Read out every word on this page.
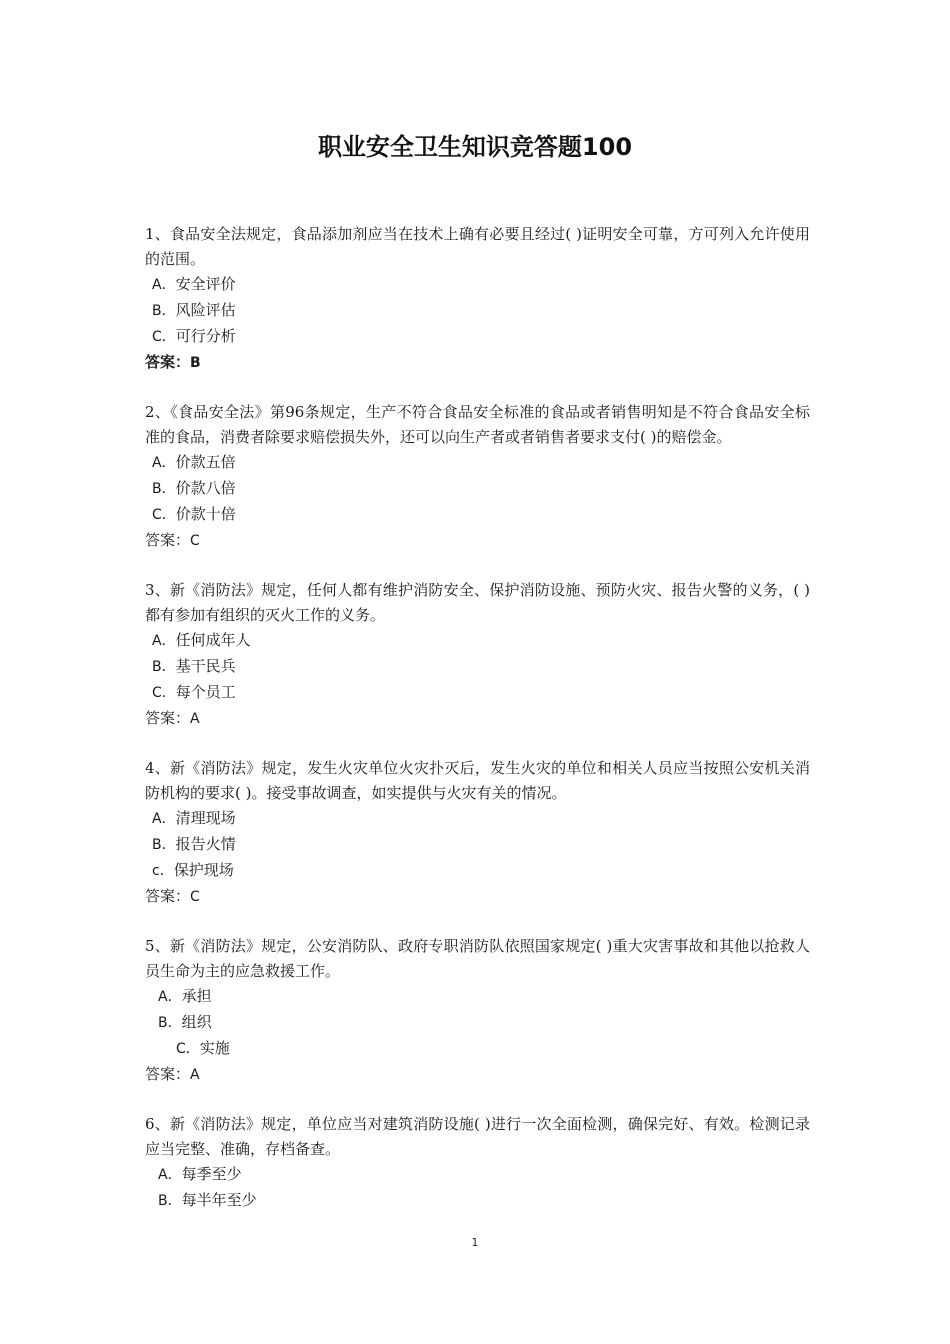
职业安全卫生知识竞答题100

1、食品安全法规定，食品添加剂应当在技术上确有必要且经过( )证明安全可靠，方可列入允许使用的范围。

A．安全评价

B．风险评估

C．可行分析

答案：B

2、《食品安全法》第96条规定，生产不符合食品安全标准的食品或者销售明知是不符合食品安全标准的食品，消费者除要求赔偿损失外，还可以向生产者或者销售者要求支付( )的赔偿金。

A．价款五倍

B．价款八倍

C．价款十倍

答案：C

3、新《消防法》规定，任何人都有维护消防安全、保护消防设施、预防火灾、报告火警的义务，( )都有参加有组织的灭火工作的义务。

A．任何成年人

B．基干民兵

C．每个员工

答案：A

4、新《消防法》规定，发生火灾单位火灾扑灭后，发生火灾的单位和相关人员应当按照公安机关消防机构的要求( )。接受事故调查，如实提供与火灾有关的情况。

A．清理现场

B．报告火情

c．保护现场

答案：C

5、新《消防法》规定，公安消防队、政府专职消防队依照国家规定( )重大灾害事故和其他以抢救人员生命为主的应急救援工作。

A．承担

B．组织

C．实施

答案：A

6、新《消防法》规定，单位应当对建筑消防设施( )进行一次全面检测，确保完好、有效。检测记录应当完整、准确，存档备查。

A．每季至少

B．每半年至少

1
